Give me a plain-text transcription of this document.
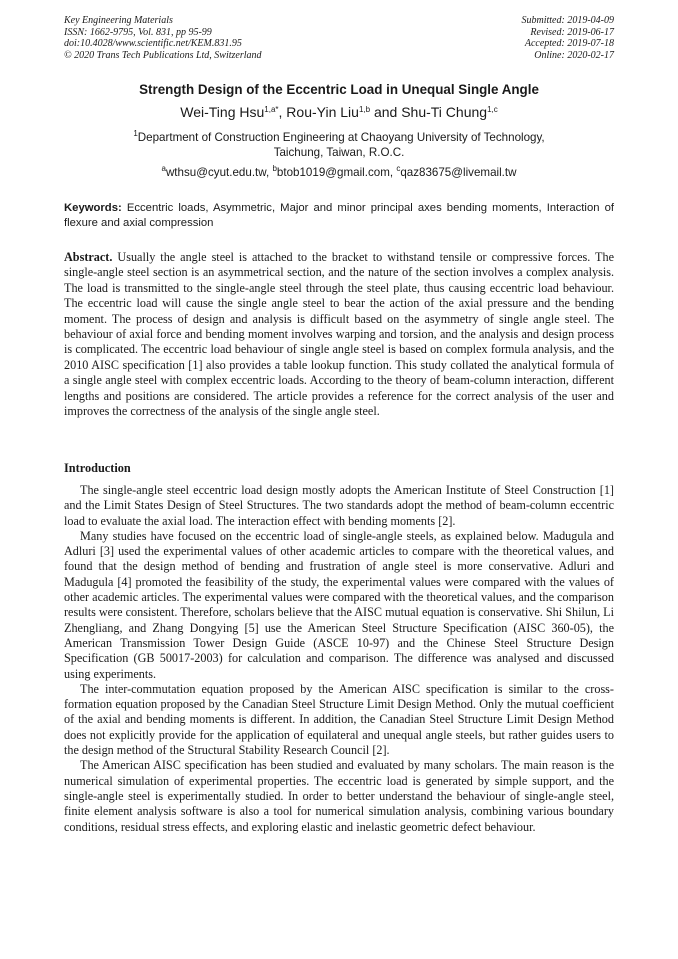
Key Engineering Materials
ISSN: 1662-9795, Vol. 831, pp 95-99
doi:10.4028/www.scientific.net/KEM.831.95
© 2020 Trans Tech Publications Ltd, Switzerland
Submitted: 2019-04-09
Revised: 2019-06-17
Accepted: 2019-07-18
Online: 2020-02-17
Strength Design of the Eccentric Load in Unequal Single Angle
Wei-Ting Hsu$^{1,a*}$, Rou-Yin Liu$^{1,b}$ and Shu-Ti Chung$^{1,c}$
$^1$Department of Construction Engineering at Chaoyang University of Technology,
Taichung, Taiwan, R.O.C.
$^a$wthsu@cyut.edu.tw, $^b$btob1019@gmail.com, $^c$qaz83675@livemail.tw
Keywords: Eccentric loads, Asymmetric, Major and minor principal axes bending moments, Interaction of flexure and axial compression

Abstract. Usually the angle steel is attached to the bracket to withstand tensile or compressive forces. The single-angle steel section is an asymmetrical section, and the nature of the section involves a complex analysis. The load is transmitted to the single-angle steel through the steel plate, thus causing eccentric load behaviour. The eccentric load will cause the single angle steel to bear the action of the axial pressure and the bending moment. The process of design and analysis is difficult based on the asymmetry of single angle steel. The behaviour of axial force and bending moment involves warping and torsion, and the analysis and design process is complicated. The eccentric load behaviour of single angle steel is based on complex formula analysis, and the 2010 AISC specification [1] also provides a table lookup function. This study collated the analytical formula of a single angle steel with complex eccentric loads. According to the theory of beam-column interaction, different lengths and positions are considered. The article provides a reference for the correct analysis of the user and improves the correctness of the analysis of the single angle steel.

Introduction

The single-angle steel eccentric load design mostly adopts the American Institute of Steel Construction [1] and the Limit States Design of Steel Structures. The two standards adopt the method of beam-column eccentric load to evaluate the axial load. The interaction effect with bending moments [2].

Many studies have focused on the eccentric load of single-angle steels, as explained below. Madugula and Adluri [3] used the experimental values of other academic articles to compare with the theoretical values, and found that the design method of bending and frustration of angle steel is more conservative. Adluri and Madugula [4] promoted the feasibility of the study, the experimental values were compared with the values of other academic articles. The experimental values were compared with the theoretical values, and the comparison results were consistent. Therefore, scholars believe that the AISC mutual equation is conservative. Shi Shilun, Li Zhengliang, and Zhang Dongying [5] use the American Steel Structure Specification (AISC 360-05), the American Transmission Tower Design Guide (ASCE 10-97) and the Chinese Steel Structure Design Specification (GB 50017-2003) for calculation and comparison. The difference was analysed and discussed using experiments.

The inter-commutation equation proposed by the American AISC specification is similar to the cross-formation equation proposed by the Canadian Steel Structure Limit Design Method. Only the mutual coefficient of the axial and bending moments is different. In addition, the Canadian Steel Structure Limit Design Method does not explicitly provide for the application of equilateral and unequal angle steels, but rather guides users to the design method of the Structural Stability Research Council [2].

The American AISC specification has been studied and evaluated by many scholars. The main reason is the numerical simulation of experimental properties. The eccentric load is generated by simple support, and the single-angle steel is experimentally studied. In order to better understand the behaviour of single-angle steel, finite element analysis software is also a tool for numerical simulation analysis, combining various boundary conditions, residual stress effects, and exploring elastic and inelastic geometric defect behaviour.
